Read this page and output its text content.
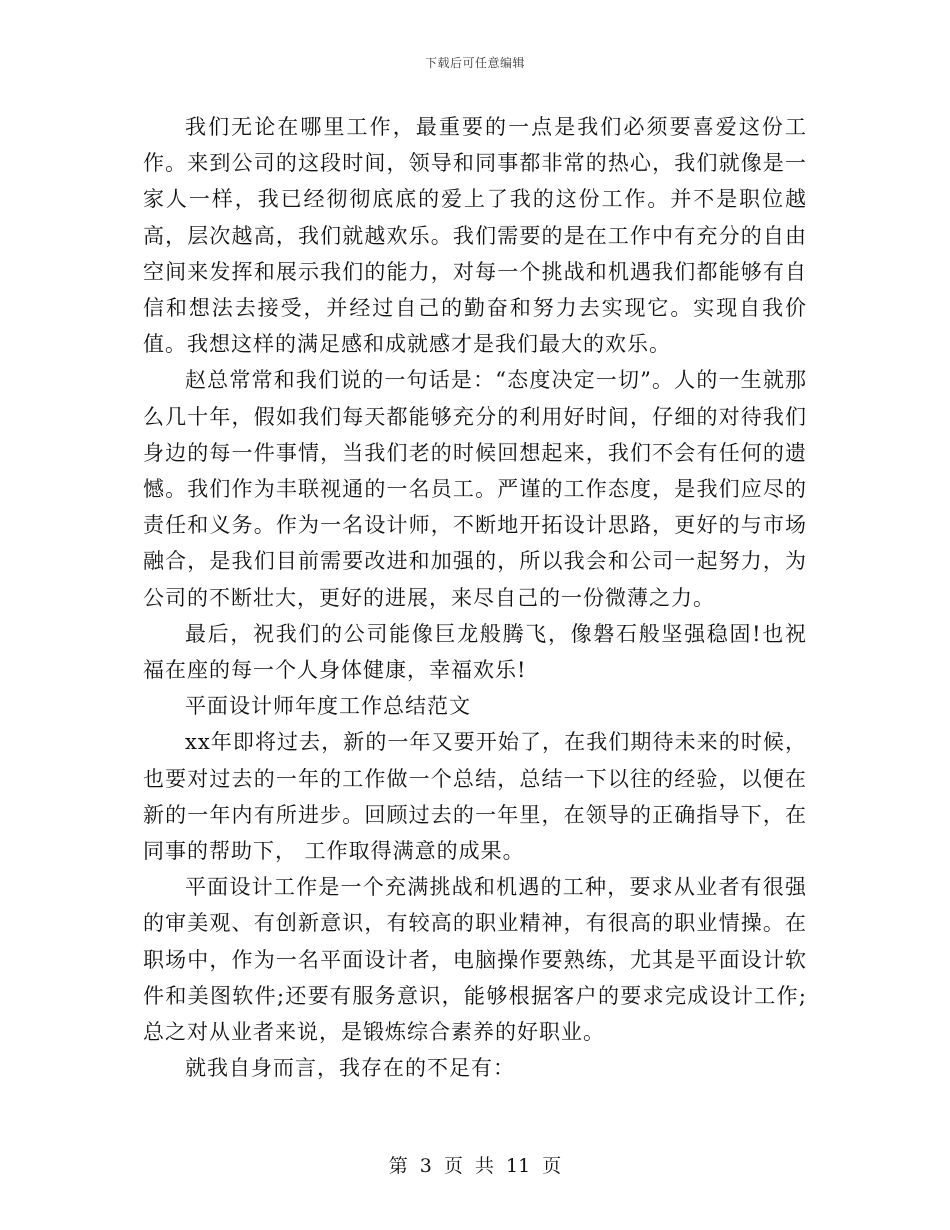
下载后可任意编辑

我们无论在哪里工作，最重要的一点是我们必须要喜爱这份工作。来到公司的这段时间，领导和同事都非常的热心，我们就像是一家人一样，我已经彻彻底底的爱上了我的这份工作。并不是职位越高，层次越高，我们就越欢乐。我们需要的是在工作中有充分的自由空间来发挥和展示我们的能力，对每一个挑战和机遇我们都能够有自信和想法去接受，并经过自己的勤奋和努力去实现它。实现自我价值。我想这样的满足感和成就感才是我们最大的欢乐。

赵总常常和我们说的一句话是：“态度决定一切”。人的一生就那么几十年，假如我们每天都能够充分的利用好时间，仔细的对待我们身边的每一件事情，当我们老的时候回想起来，我们不会有任何的遗憾。我们作为丰联视通的一名员工。严谨的工作态度，是我们应尽的责任和义务。作为一名设计师，不断地开拓设计思路，更好的与市场融合，是我们目前需要改进和加强的，所以我会和公司一起努力，为公司的不断壮大，更好的进展，来尽自己的一份微薄之力。

最后，祝我们的公司能像巨龙般腾飞，像磐石般坚强稳固!也祝福在座的每一个人身体健康，幸福欢乐!

平面设计师年度工作总结范文

xx年即将过去，新的一年又要开始了，在我们期待未来的时候，也要对过去的一年的工作做一个总结，总结一下以往的经验，以便在新的一年内有所进步。回顾过去的一年里，在领导的正确指导下，在同事的帮助下， 工作取得满意的成果。

平面设计工作是一个充满挑战和机遇的工种，要求从业者有很强的审美观、有创新意识，有较高的职业精神，有很高的职业情操。在职场中，作为一名平面设计者，电脑操作要熟练，尤其是平面设计软件和美图软件;还要有服务意识，能够根据客户的要求完成设计工作;总之对从业者来说，是锻炼综合素养的好职业。

就我自身而言，我存在的不足有：

第 3 页 共 11 页
